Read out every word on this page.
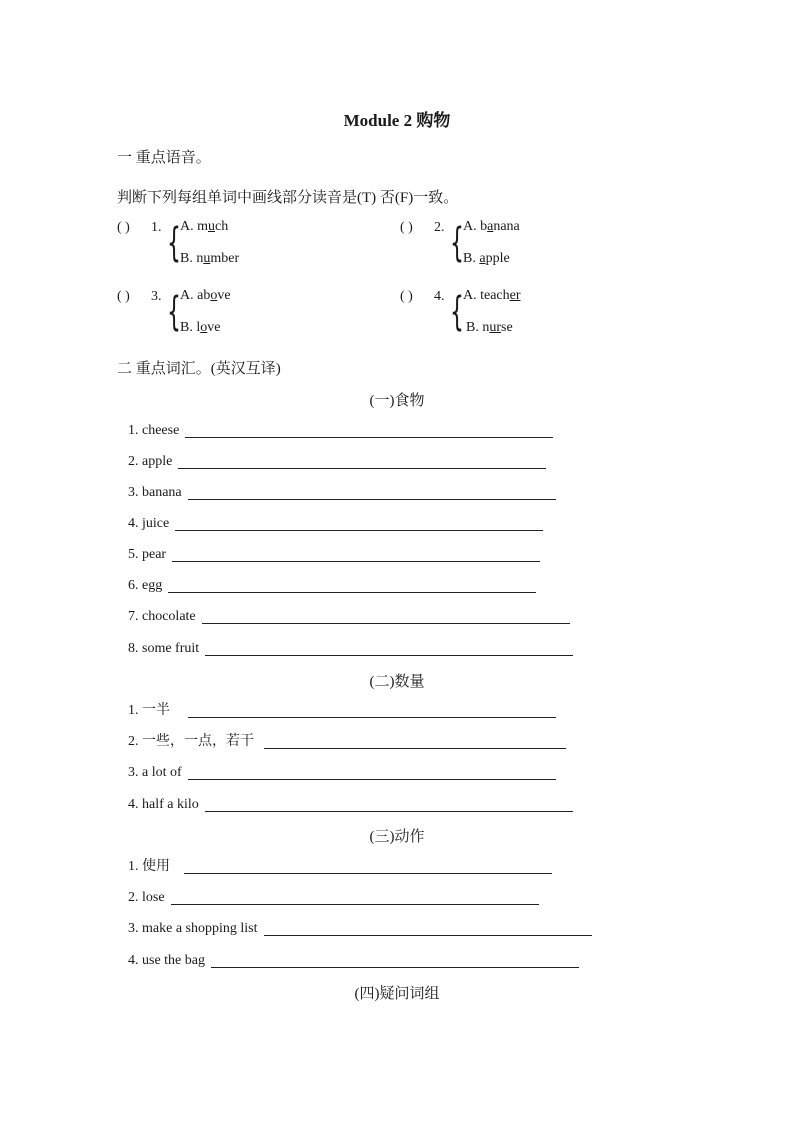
Module 2 购物
一 重点语音。
判断下列每组单词中画线部分读音是(T) 否(F)一致。
( ) 1. { A. much
B. number
( ) 2. { A. banana
B. apple
( ) 3. { A. above
B. love
( ) 4. { A. teacher
B. nurse
二 重点词汇。(英汉互译)
(一)食物
1. cheese
2. apple
3. banana
4. juice
5. pear
6. egg
7. chocolate
8. some fruit
(二)数量
1. 一半
2. 一些，一点，若干
3. a lot of
4. half a kilo
(三)动作
1. 使用
2. lose
3. make a shopping list
4. use the bag
(四)疑问词组
